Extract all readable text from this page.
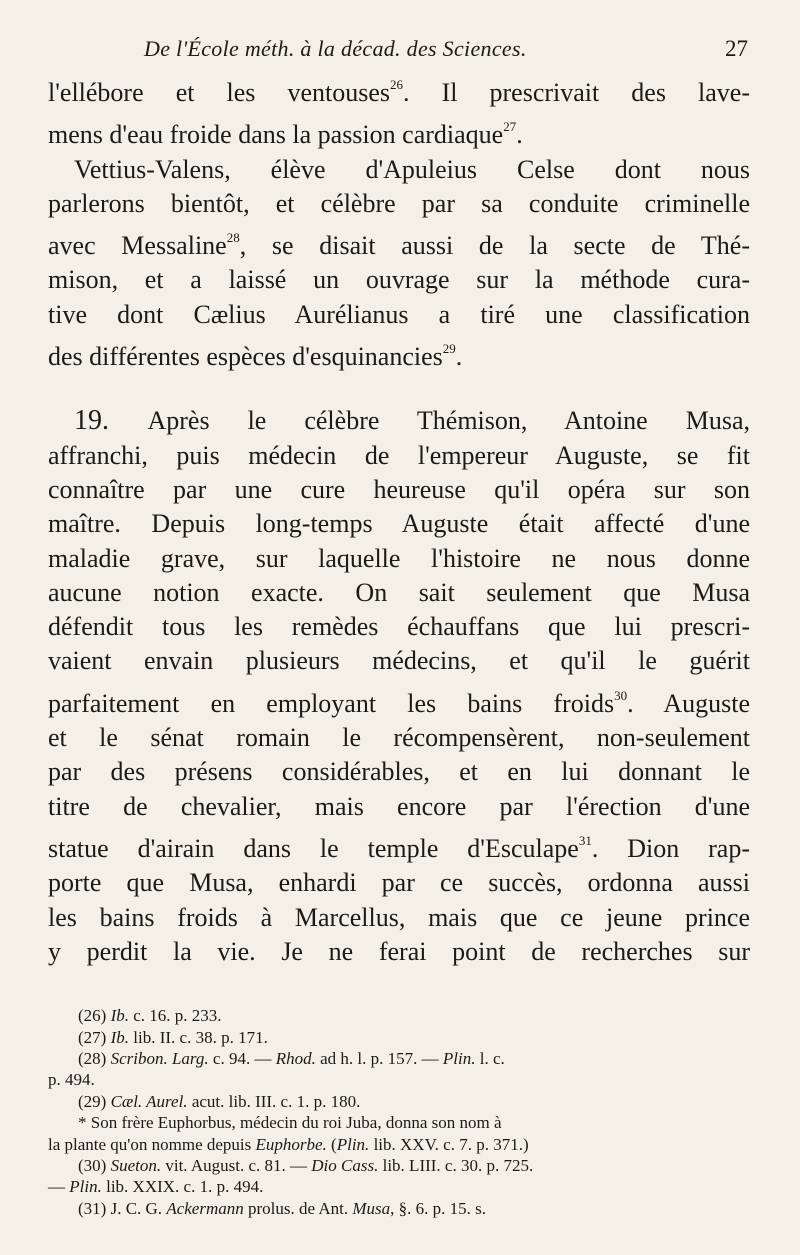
De l'École méth. à la décad. des Sciences.	27

l'ellébore et les ventouses$^{26}$. Il prescrivait des lave-

mens d'eau froide dans la passion cardiaque$^{27}$.

Vettius-Valens, élève d'Apuleius Celse dont nous

parlerons bientôt, et célèbre par sa conduite criminelle

avec Messaline$^{28}$, se disait aussi de la secte de Thé-

mison, et a laissé un ouvrage sur la méthode cura-

tive dont Cælius Aurélianus a tiré une classification

des différentes espèces d'esquinancies$^{29}$.

19. Après le célèbre Thémison, Antoine Musa,

affranchi, puis médecin de l'empereur Auguste, se fit

connaître par une cure heureuse qu'il opéra sur son

maître. Depuis long-temps Auguste était affecté d'une

maladie grave, sur laquelle l'histoire ne nous donne

aucune notion exacte. On sait seulement que Musa

défendit tous les remèdes échauffans que lui prescri-

vaient envain plusieurs médecins, et qu'il le guérit

parfaitement en employant les bains froids$^{30}$. Auguste

et le sénat romain le récompensèrent, non-seulement

par des présens considérables, et en lui donnant le

titre de chevalier, mais encore par l'érection d'une

statue d'airain dans le temple d'Esculape$^{31}$. Dion rap-

porte que Musa, enhardi par ce succès, ordonna aussi

les bains froids à Marcellus, mais que ce jeune prince

y perdit la vie. Je ne ferai point de recherches sur

(26) Ib. c. 16. p. 233.

(27) Ib. lib. II. c. 38. p. 171.

(28) Scribon. Larg. c. 94. — Rhod. ad h. l. p. 157. — Plin. l. c.

p. 494.

(29) Cæl. Aurel. acut. lib. III. c. 1. p. 180.

* Son frère Euphorbus, médecin du roi Juba, donna son nom à

la plante qu'on nomme depuis Euphorbe. (Plin. lib. XXV. c. 7. p. 371.)

(30) Sueton. vit. August. c. 81. — Dio Cass. lib. LIII. c. 30. p. 725.

— Plin. lib. XXIX. c. 1. p. 494.

(31) J. C. G. Ackermann prolus. de Ant. Musa, §. 6. p. 15. s.
